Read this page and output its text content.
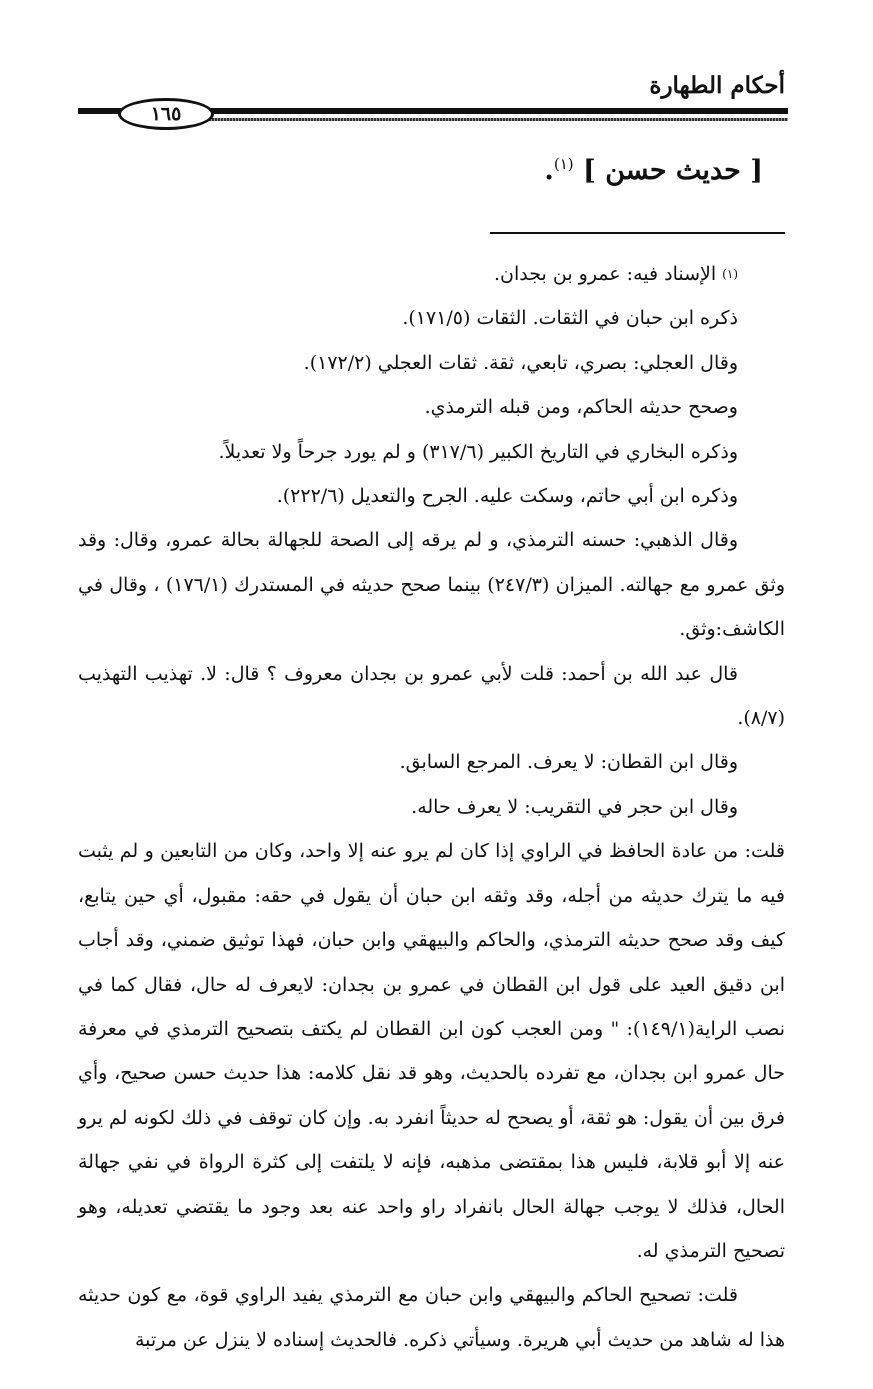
أحكام الطهارة
١٦٥
[ حديث حسن ] $^{(١)}$.

$^{(١)}$ الإسناد فيه: عمرو بن بجدان.

ذكره ابن حبان في الثقات. الثقات (١٧١/٥).

وقال العجلي: بصري، تابعي، ثقة. ثقات العجلي (١٧٢/٢).

وصحح حديثه الحاكم، ومن قبله الترمذي.

وذكره البخاري في التاريخ الكبير (٣١٧/٦) و لم يورد جرحاً ولا تعديلاً.

وذكره ابن أبي حاتم، وسكت عليه. الجرح والتعديل (٢٢٢/٦).

وقال الذهبي: حسنه الترمذي، و لم يرقه إلى الصحة للجهالة بحالة عمرو، وقال: وقد وثق عمرو مع جهالته. الميزان (٢٤٧/٣) بينما صحح حديثه في المستدرك (١٧٦/١) ، وقال في الكاشف:وثق.

قال عبد الله بن أحمد: قلت لأبي عمرو بن بجدان معروف ؟ قال: لا. تهذيب التهذيب (٨/٧).

وقال ابن القطان: لا يعرف. المرجع السابق.

وقال ابن حجر في التقريب: لا يعرف حاله.

قلت: من عادة الحافظ في الراوي إذا كان لم يرو عنه إلا واحد، وكان من التابعين و لم يثبت فيه ما يترك حديثه من أجله، وقد وثقه ابن حبان أن يقول في حقه: مقبول، أي حين يتابع، كيف وقد صحح حديثه الترمذي، والحاكم والبيهقي وابن حبان، فهذا توثيق ضمني، وقد أجاب ابن دقيق العيد على قول ابن القطان في عمرو بن بجدان: لايعرف له حال، فقال كما في نصب الراية(١٤٩/١): " ومن العجب كون ابن القطان لم يكتف بتصحيح الترمذي في معرفة حال عمرو ابن بجدان، مع تفرده بالحديث، وهو قد نقل كلامه: هذا حديث حسن صحيح، وأي فرق بين أن يقول: هو ثقة، أو يصحح له حديثاً انفرد به. وإن كان توقف في ذلك لكونه لم يرو عنه إلا أبو قلابة، فليس هذا بمقتضى مذهبه، فإنه لا يلتفت إلى كثرة الرواة في نفي جهالة الحال، فذلك لا يوجب جهالة الحال بانفراد راو واحد عنه بعد وجود ما يقتضي تعديله، وهو تصحيح الترمذي له.

قلت: تصحيح الحاكم والبيهقي وابن حبان مع الترمذي يفيد الراوي قوة، مع كون حديثه هذا له شاهد من حديث أبي هريرة. وسيأتي ذكره. فالحديث إسناده لا ينزل عن مرتبة
